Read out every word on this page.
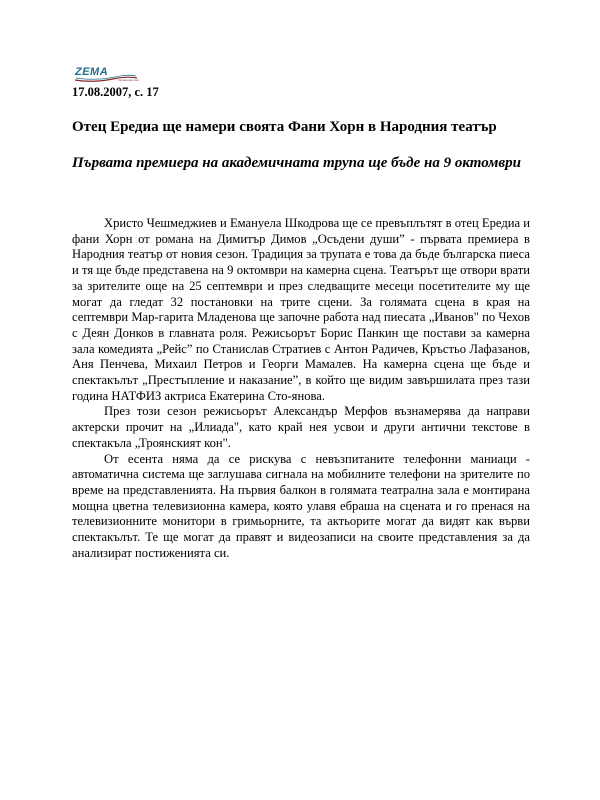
ZEMA
zemanews.com
17.08.2007, с. 17
Отец Eредиа ще намери своята Фани Хорн в Народния театър
Първата премиера на академичната трупа ще бъде на 9 октомври

Христо Чешмеджиев и Емануела Шкодрова ще се превъплътят в отец Ередиа и фани Хорн от романа на Димитър Димов „Осъдени души” - първата премиера в Народния театър от новия сезон. Традиция за трупата е това да бъде българска пиеса и тя ще бъде представена на 9 октомври на камерна сцена. Театърът ще отвори врати за зрителите още на 25 септември и през следващите месеци посетителите му ще могат да гледат 32 постановки на трите сцени. За голямата сцена в края на септември Мар-гарита Младенова ще започне работа над пиесата „Иванов" по Чехов с Деян Донков в главната роля. Режисьорът Борис Панкин ще постави за камерна зала комедията „Рейс” по Станислав Стратиев с Антон Радичев, Кръстьо Лафазанов, Аня Пенчева, Михаил Петров и Георги Мамалев. На камерна сцена ще бъде и спектакълът „Престъпление и наказание”, в който ще видим завършилата през тази година НАТФИЗ актриса Екатерина Сто-янова.

През този сезон режисьорът Александър Мерфов възнамерява да направи актерски прочит на „Илиада", като край нея усвои и други антични текстове в спектакъла „Троянският кон".

От есента няма да се рискува с невъзпитаните телефонни маниаци - автоматична система ще заглушава сигнала на мобилните телефони на зрителите по време на представленията. На първия балкон в голямата театрална зала е монтирана мощна цветна телевизионна камера, която улавя ебраша на сцената и го пренася на телевизионните монитори в гримьорните, та актьорите могат да видят как върви спектакълът. Те ще могат да правят и видеозаписи на своите представления за да анализират постиженията си.
